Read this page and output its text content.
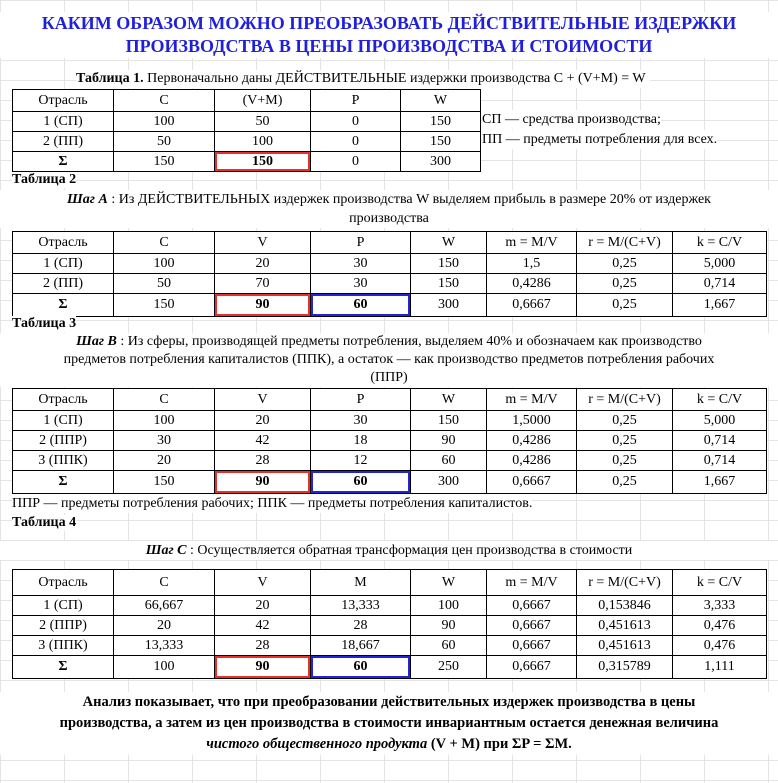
КАКИМ ОБРАЗОМ МОЖНО ПРЕОБРАЗОВАТЬ ДЕЙСТВИТЕЛЬНЫЕ ИЗДЕРЖКИ
ПРОИЗВОДСТВА В ЦЕНЫ ПРОИЗВОДСТВА И СТОИМОСТИ
Таблица 1. Первоначально даны ДЕЙСТВИТЕЛЬНЫЕ издержки производства C + (V+M) = W
Отрасль	C	(V+M)	P	W
1 (СП)	100	50	0	150
2 (ПП)	50	100	0	150
Σ	150	150	0	300
СП — средства производства;
ПП — предметы потребления для всех.
Таблица 2
Шаг А : Из ДЕЙСТВИТЕЛЬНЫХ издержек производства W выделяем прибыль в размере 20% от издержек
производства
Отрасль	C	V	P	W	m = M/V	r = M/(C+V)	k = C/V
1 (СП)	100	20	30	150	1,5	0,25	5,000
2 (ПП)	50	70	30	150	0,4286	0,25	0,714
Σ	150	90	60	300	0,6667	0,25	1,667
Таблица 3
Шаг В : Из сферы, производящей предметы потребления, выделяем 40% и обозначаем как производство
предметов потребления капиталистов (ППК), а остаток — как производство предметов потребления рабочих
(ППР)
Отрасль	C	V	P	W	m = M/V	r = M/(C+V)	k = C/V
1 (СП)	100	20	30	150	1,5000	0,25	5,000
2 (ППР)	30	42	18	90	0,4286	0,25	0,714
3 (ППК)	20	28	12	60	0,4286	0,25	0,714
Σ	150	90	60	300	0,6667	0,25	1,667
ППР — предметы потребления рабочих; ППК — предметы потребления капиталистов.
Таблица 4
Шаг С : Осуществляется обратная трансформация цен производства в стоимости
Отрасль	C	V	M	W	m = M/V	r = M/(C+V)	k = C/V
1 (СП)	66,667	20	13,333	100	0,6667	0,153846	3,333
2 (ППР)	20	42	28	90	0,6667	0,451613	0,476
3 (ППК)	13,333	28	18,667	60	0,6667	0,451613	0,476
Σ	100	90	60	250	0,6667	0,315789	1,111
Анализ показывает, что при преобразовании действительных издержек производства в цены
производства, а затем из цен производства в стоимости инвариантным остается денежная величина
чистого общественного продукта (V + M) при ΣP = ΣM.
